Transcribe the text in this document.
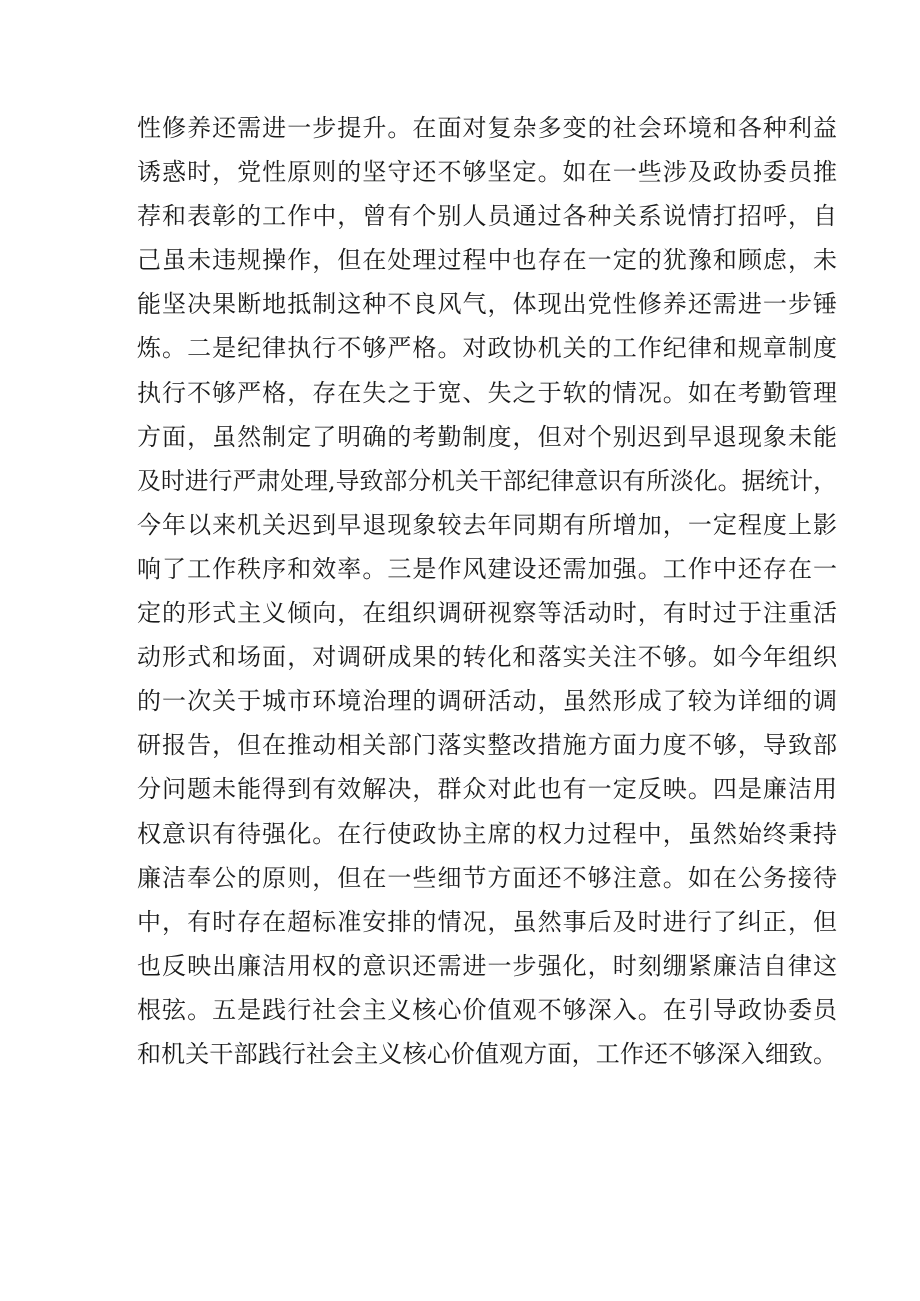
性修养还需进一步提升。在面对复杂多变的社会环境和各种利益
诱惑时，党性原则的坚守还不够坚定。如在一些涉及政协委员推
荐和表彰的工作中，曾有个别人员通过各种关系说情打招呼，自
己虽未违规操作，但在处理过程中也存在一定的犹豫和顾虑，未
能坚决果断地抵制这种不良风气，体现出党性修养还需进一步锤
炼。二是纪律执行不够严格。对政协机关的工作纪律和规章制度
执行不够严格，存在失之于宽、失之于软的情况。如在考勤管理
方面，虽然制定了明确的考勤制度，但对个别迟到早退现象未能
及时进行严肃处理,导致部分机关干部纪律意识有所淡化。据统计，
今年以来机关迟到早退现象较去年同期有所增加，一定程度上影
响了工作秩序和效率。三是作风建设还需加强。工作中还存在一
定的形式主义倾向，在组织调研视察等活动时，有时过于注重活
动形式和场面，对调研成果的转化和落实关注不够。如今年组织
的一次关于城市环境治理的调研活动，虽然形成了较为详细的调
研报告，但在推动相关部门落实整改措施方面力度不够，导致部
分问题未能得到有效解决，群众对此也有一定反映。四是廉洁用
权意识有待强化。在行使政协主席的权力过程中，虽然始终秉持
廉洁奉公的原则，但在一些细节方面还不够注意。如在公务接待
中，有时存在超标准安排的情况，虽然事后及时进行了纠正，但
也反映出廉洁用权的意识还需进一步强化，时刻绷紧廉洁自律这
根弦。五是践行社会主义核心价值观不够深入。在引导政协委员
和机关干部践行社会主义核心价值观方面，工作还不够深入细致。
